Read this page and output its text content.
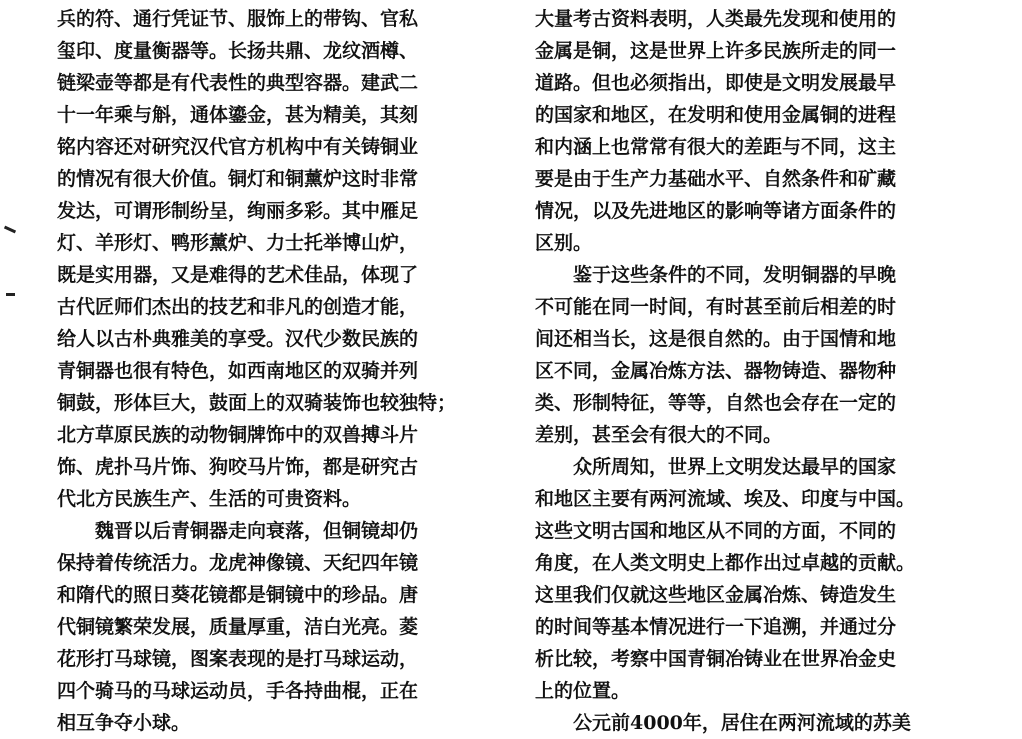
兵的符、通行凭证节、服饰上的带钩、官私
玺印、度量衡器等。长扬共鼎、龙纹酒樽、
链梁壶等都是有代表性的典型容器。建武二
十一年乘与斛，通体鎏金，甚为精美，其刻
铭内容还对研究汉代官方机构中有关铸铜业
的情况有很大价值。铜灯和铜薰炉这时非常
发达，可谓形制纷呈，绚丽多彩。其中雁足
灯、羊形灯、鸭形薰炉、力士托举博山炉，
既是实用器，又是难得的艺术佳品，体现了
古代匠师们杰出的技艺和非凡的创造才能，
给人以古朴典雅美的享受。汉代少数民族的
青铜器也很有特色，如西南地区的双骑并列
铜鼓，形体巨大，鼓面上的双骑装饰也较独特；
北方草原民族的动物铜牌饰中的双兽搏斗片
饰、虎扑马片饰、狗咬马片饰，都是研究古
代北方民族生产、生活的可贵资料。
魏晋以后青铜器走向衰落，但铜镜却仍
保持着传统活力。龙虎神像镜、天纪四年镜
和隋代的照日葵花镜都是铜镜中的珍品。唐
代铜镜繁荣发展，质量厚重，洁白光亮。菱
花形打马球镜，图案表现的是打马球运动，
四个骑马的马球运动员，手各持曲棍，正在
相互争夺小球。
大量考古资料表明，人类最先发现和使用的
金属是铜，这是世界上许多民族所走的同一
道路。但也必须指出，即使是文明发展最早
的国家和地区，在发明和使用金属铜的进程
和内涵上也常常有很大的差距与不同，这主
要是由于生产力基础水平、自然条件和矿藏
情况，以及先进地区的影响等诸方面条件的
区别。
鉴于这些条件的不同，发明铜器的早晚
不可能在同一时间，有时甚至前后相差的时
间还相当长，这是很自然的。由于国情和地
区不同，金属冶炼方法、器物铸造、器物种
类、形制特征，等等，自然也会存在一定的
差别，甚至会有很大的不同。
众所周知，世界上文明发达最早的国家
和地区主要有两河流域、埃及、印度与中国。
这些文明古国和地区从不同的方面，不同的
角度，在人类文明史上都作出过卓越的贡献。
这里我们仅就这些地区金属冶炼、铸造发生
的时间等基本情况进行一下追溯，并通过分
析比较，考察中国青铜冶铸业在世界冶金史
上的位置。
公元前4000年，居住在两河流域的苏美
